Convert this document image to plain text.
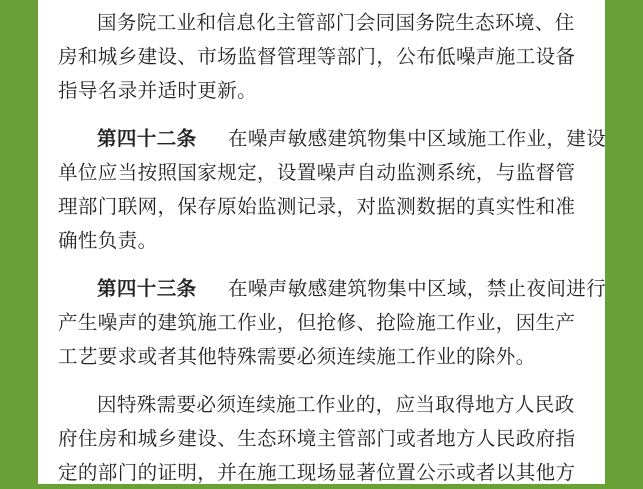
国务院工业和信息化主管部门会同国务院生态环境、住
房和城乡建设、市场监督管理等部门，公布低噪声施工设备
指导名录并适时更新。
第四十二条	在噪声敏感建筑物集中区域施工作业，建设
单位应当按照国家规定，设置噪声自动监测系统，与监督管
理部门联网，保存原始监测记录，对监测数据的真实性和准
确性负责。
第四十三条	在噪声敏感建筑物集中区域，禁止夜间进行
产生噪声的建筑施工作业，但抢修、抢险施工作业，因生产
工艺要求或者其他特殊需要必须连续施工作业的除外。
因特殊需要必须连续施工作业的，应当取得地方人民政
府住房和城乡建设、生态环境主管部门或者地方人民政府指
定的部门的证明，并在施工现场显著位置公示或者以其他方
